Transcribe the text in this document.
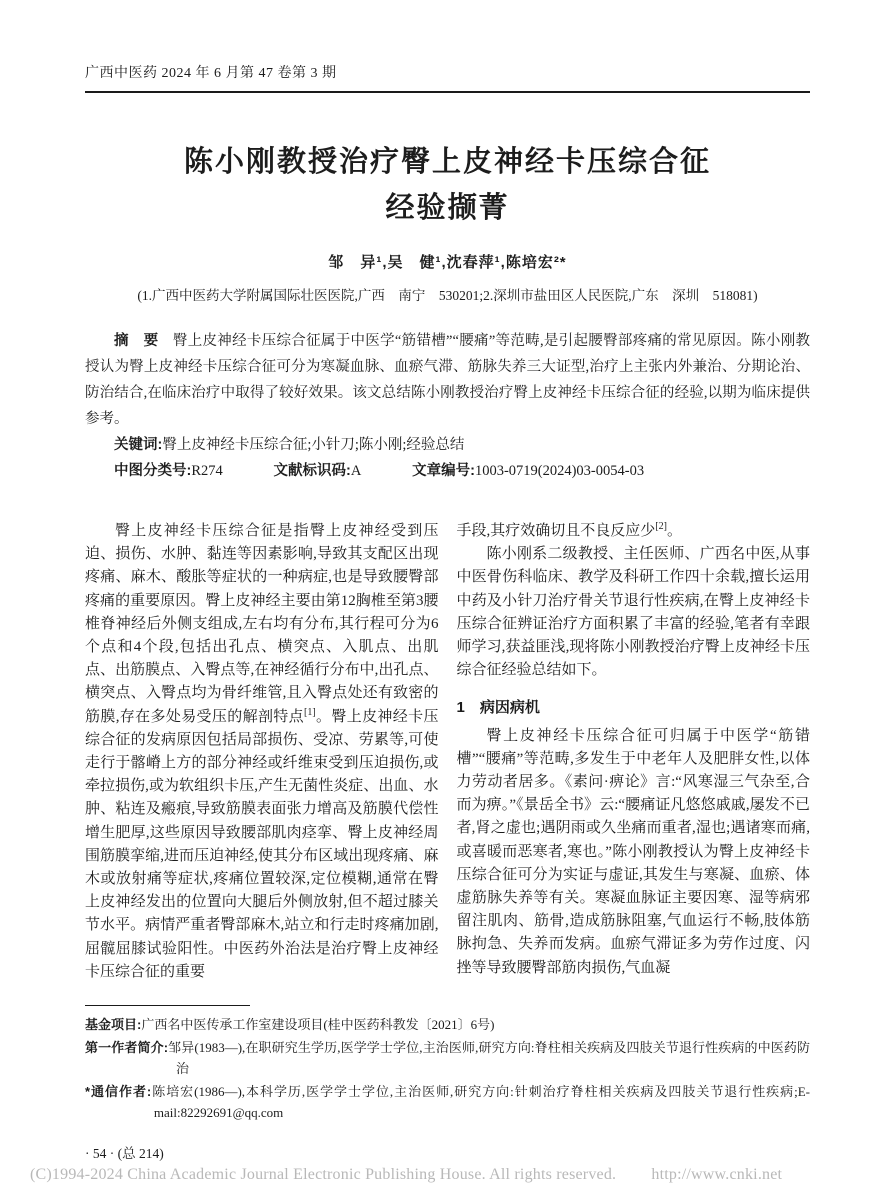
广西中医药 2024 年 6 月第 47 卷第 3 期
陈小刚教授治疗臀上皮神经卡压综合征
经验撷菁
邹　异¹,吴　健¹,沈春萍¹,陈培宏²*
(1.广西中医药大学附属国际壮医医院,广西　南宁　530201;2.深圳市盐田区人民医院,广东　深圳　518081)

摘　要 臀上皮神经卡压综合征属于中医学“筋错槽”“腰痛”等范畴,是引起腰臀部疼痛的常见原因。陈小刚教授认为臀上皮神经卡压综合征可分为寒凝血脉、血瘀气滞、筋脉失养三大证型,治疗上主张内外兼治、分期论治、防治结合,在临床治疗中取得了较好效果。该文总结陈小刚教授治疗臀上皮神经卡压综合征的经验,以期为临床提供参考。

关键词:臀上皮神经卡压综合征;小针刀;陈小刚;经验总结

中图分类号:R274	文献标识码:A	文章编号:1003-0719(2024)03-0054-03

臀上皮神经卡压综合征是指臀上皮神经受到压迫、损伤、水肿、黏连等因素影响,导致其支配区出现疼痛、麻木、酸胀等症状的一种病症,也是导致腰臀部疼痛的重要原因。臀上皮神经主要由第12胸椎至第3腰椎脊神经后外侧支组成,左右均有分布,其行程可分为6个点和4个段,包括出孔点、横突点、入肌点、出肌点、出筋膜点、入臀点等,在神经循行分布中,出孔点、横突点、入臀点均为骨纤维管,且入臀点处还有致密的筋膜,存在多处易受压的解剖特点[1]。臀上皮神经卡压综合征的发病原因包括局部损伤、受凉、劳累等,可使走行于髂嵴上方的部分神经或纤维束受到压迫损伤,或牵拉损伤,或为软组织卡压,产生无菌性炎症、出血、水肿、粘连及瘢痕,导致筋膜表面张力增高及筋膜代偿性增生肥厚,这些原因导致腰部肌肉痉挛、臀上皮神经周围筋膜挛缩,进而压迫神经,使其分布区域出现疼痛、麻木或放射痛等症状,疼痛位置较深,定位模糊,通常在臀上皮神经发出的位置向大腿后外侧放射,但不超过膝关节水平。病情严重者臀部麻木,站立和行走时疼痛加剧,屈髋屈膝试验阳性。中医药外治法是治疗臀上皮神经卡压综合征的重要

手段,其疗效确切且不良反应少[2]。

陈小刚系二级教授、主任医师、广西名中医,从事中医骨伤科临床、教学及科研工作四十余载,擅长运用中药及小针刀治疗骨关节退行性疾病,在臀上皮神经卡压综合征辨证治疗方面积累了丰富的经验,笔者有幸跟师学习,获益匪浅,现将陈小刚教授治疗臀上皮神经卡压综合征经验总结如下。

1 病因病机

臀上皮神经卡压综合征可归属于中医学“筋错槽”“腰痛”等范畴,多发生于中老年人及肥胖女性,以体力劳动者居多。《素问·痹论》言:“风寒湿三气杂至,合而为痹。”《景岳全书》云:“腰痛证凡悠悠戚戚,屡发不已者,肾之虚也;遇阴雨或久坐痛而重者,湿也;遇诸寒而痛,或喜暖而恶寒者,寒也。”陈小刚教授认为臀上皮神经卡压综合征可分为实证与虚证,其发生与寒凝、血瘀、体虚筋脉失养等有关。寒凝血脉证主要因寒、湿等病邪留注肌肉、筋骨,造成筋脉阻塞,气血运行不畅,肢体筋脉拘急、失养而发病。血瘀气滞证多为劳作过度、闪挫等导致腰臀部筋肉损伤,气血凝

基金项目:广西名中医传承工作室建设项目(桂中医药科教发〔2021〕6号)

第一作者简介:邹异(1983—),在职研究生学历,医学学士学位,主治医师,研究方向:脊柱相关疾病及四肢关节退行性疾病的中医药防治

*通信作者:陈培宏(1986—),本科学历,医学学士学位,主治医师,研究方向:针刺治疗脊柱相关疾病及四肢关节退行性疾病;E-mail:82292691@qq.com

· 54 · (总 214)
(C)1994-2024 China Academic Journal Electronic Publishing House. All rights reserved. http://www.cnki.net
